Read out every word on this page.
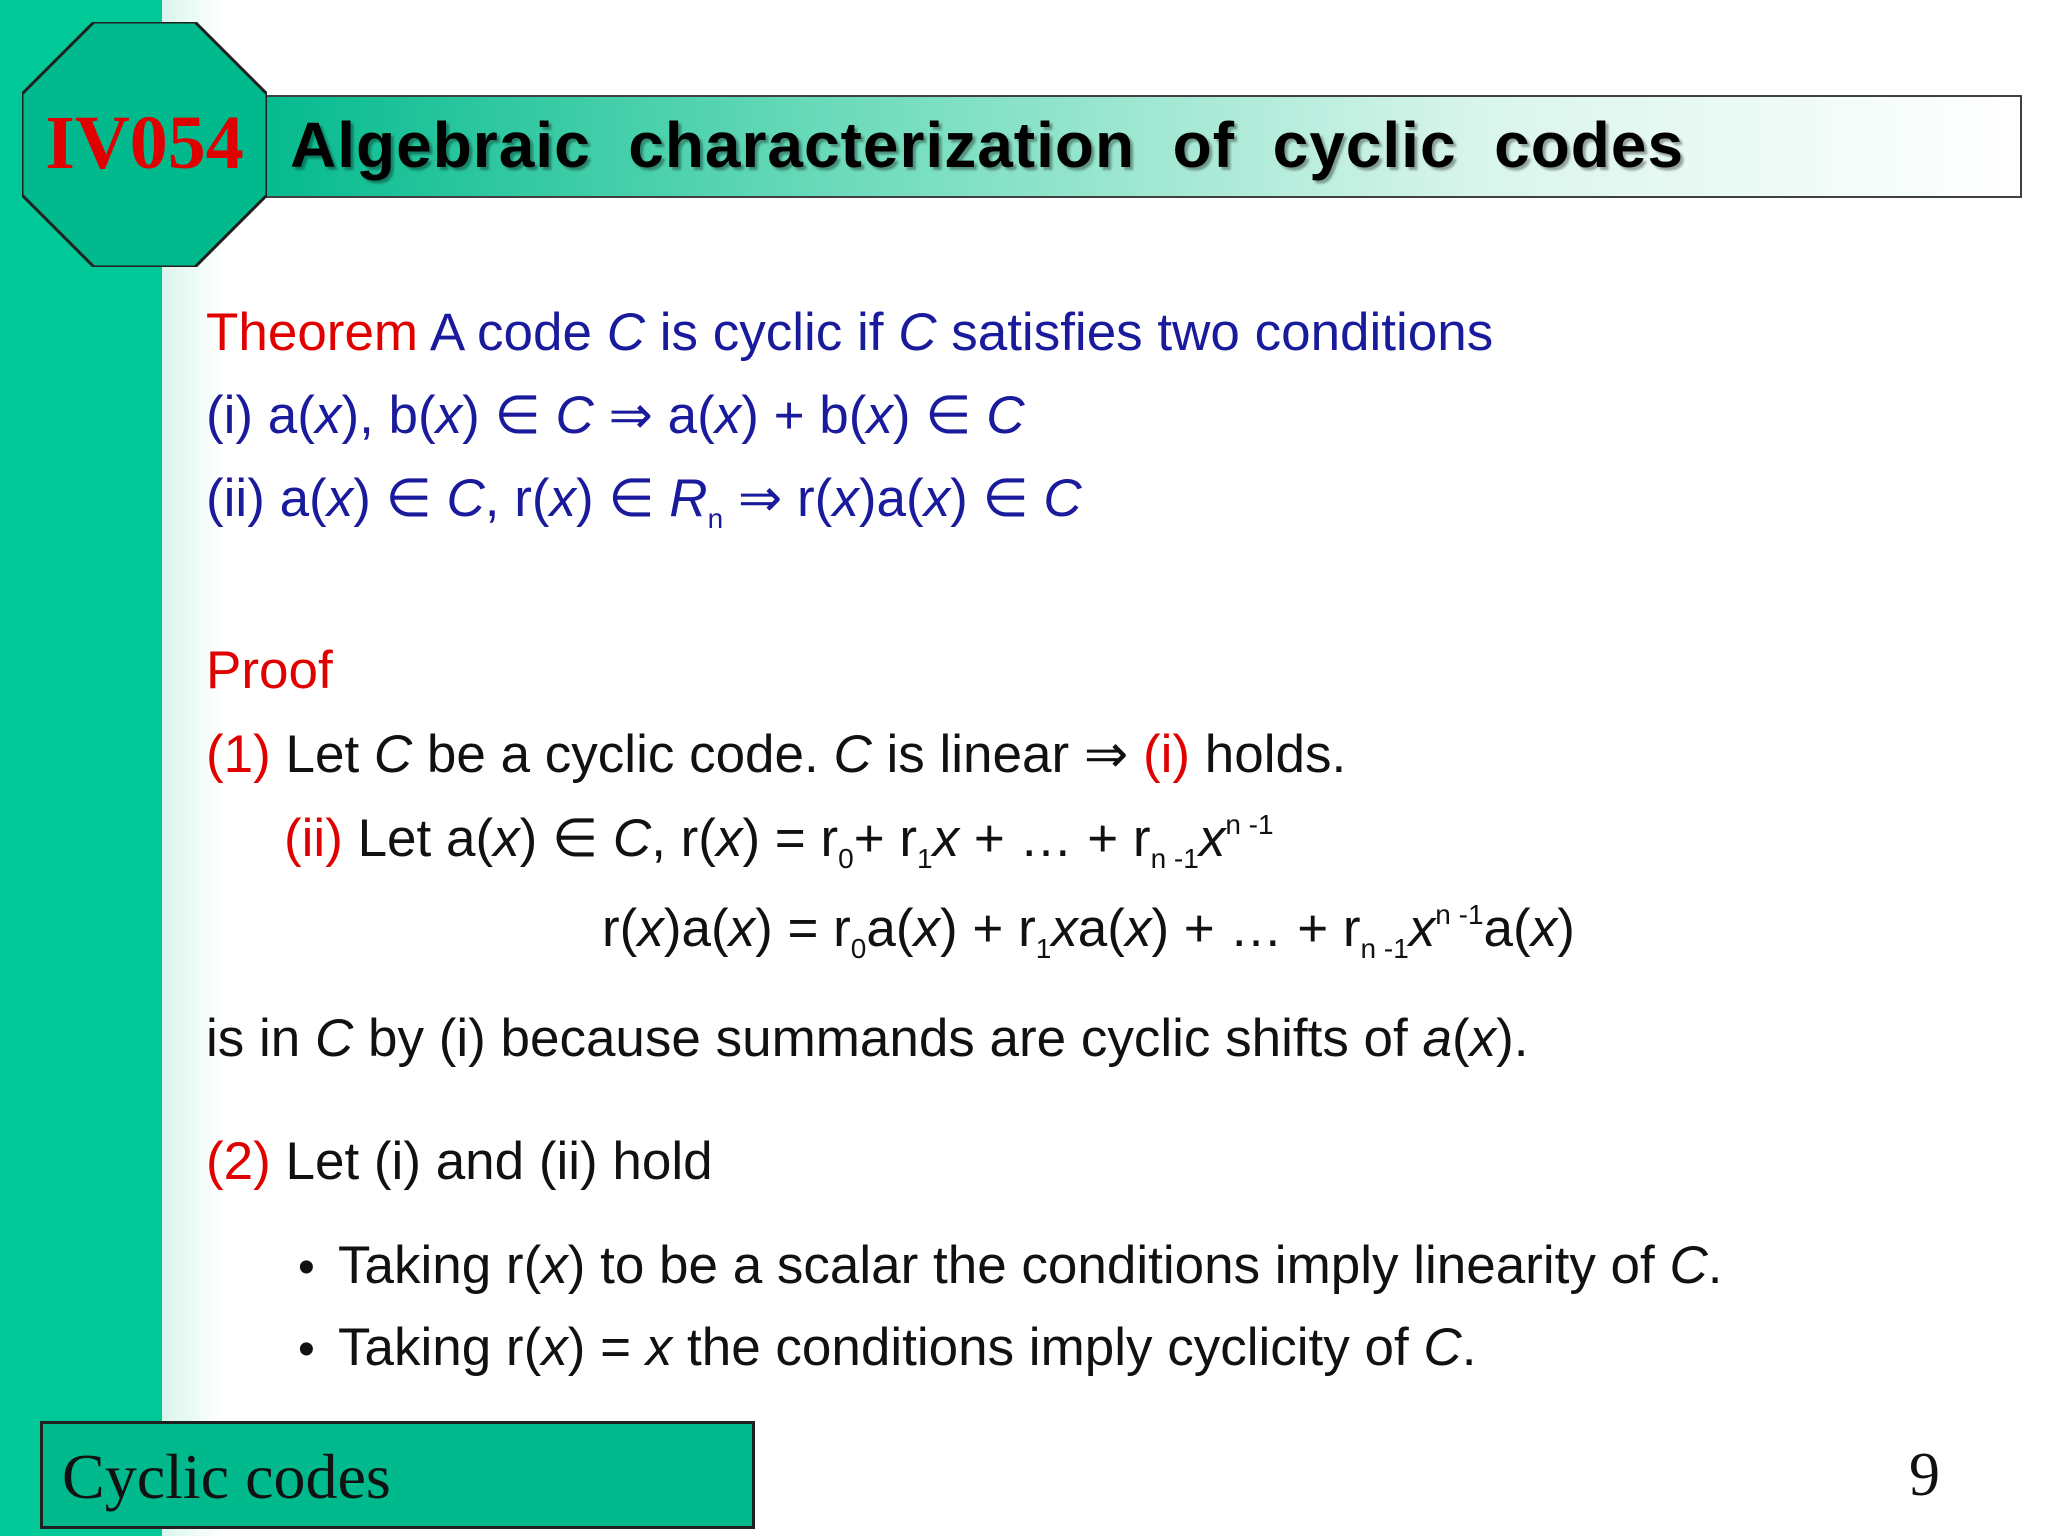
Algebraic  characterization  of  cyclic  codes
IV054
Theorem A code C is cyclic if C satisfies two conditions
(i) a(x), b(x) ∈ C ⇒ a(x) + b(x) ∈ C
(ii) a(x) ∈ C, r(x) ∈ $R_n$ ⇒ r(x)a(x) ∈ C
Proof
(1) Let C be a cyclic code. C is linear ⇒ (i) holds.
(ii) Let a(x) ∈ C, $r(x) = r_0+ r_1x$ + … + $r_{n -1}x^{n -1}$
$r(x)a(x) = r_0a(x) + r_1xa(x)$ + … + $r_{n -1}x^{n -1}a(x)$
is in C by (i) because summands are cyclic shifts of a(x).
(2) Let (i) and (ii) hold
• Taking r(x) to be a scalar the conditions imply linearity of C.
• Taking r(x) = x the conditions imply cyclicity of C.
Cyclic codes	9
